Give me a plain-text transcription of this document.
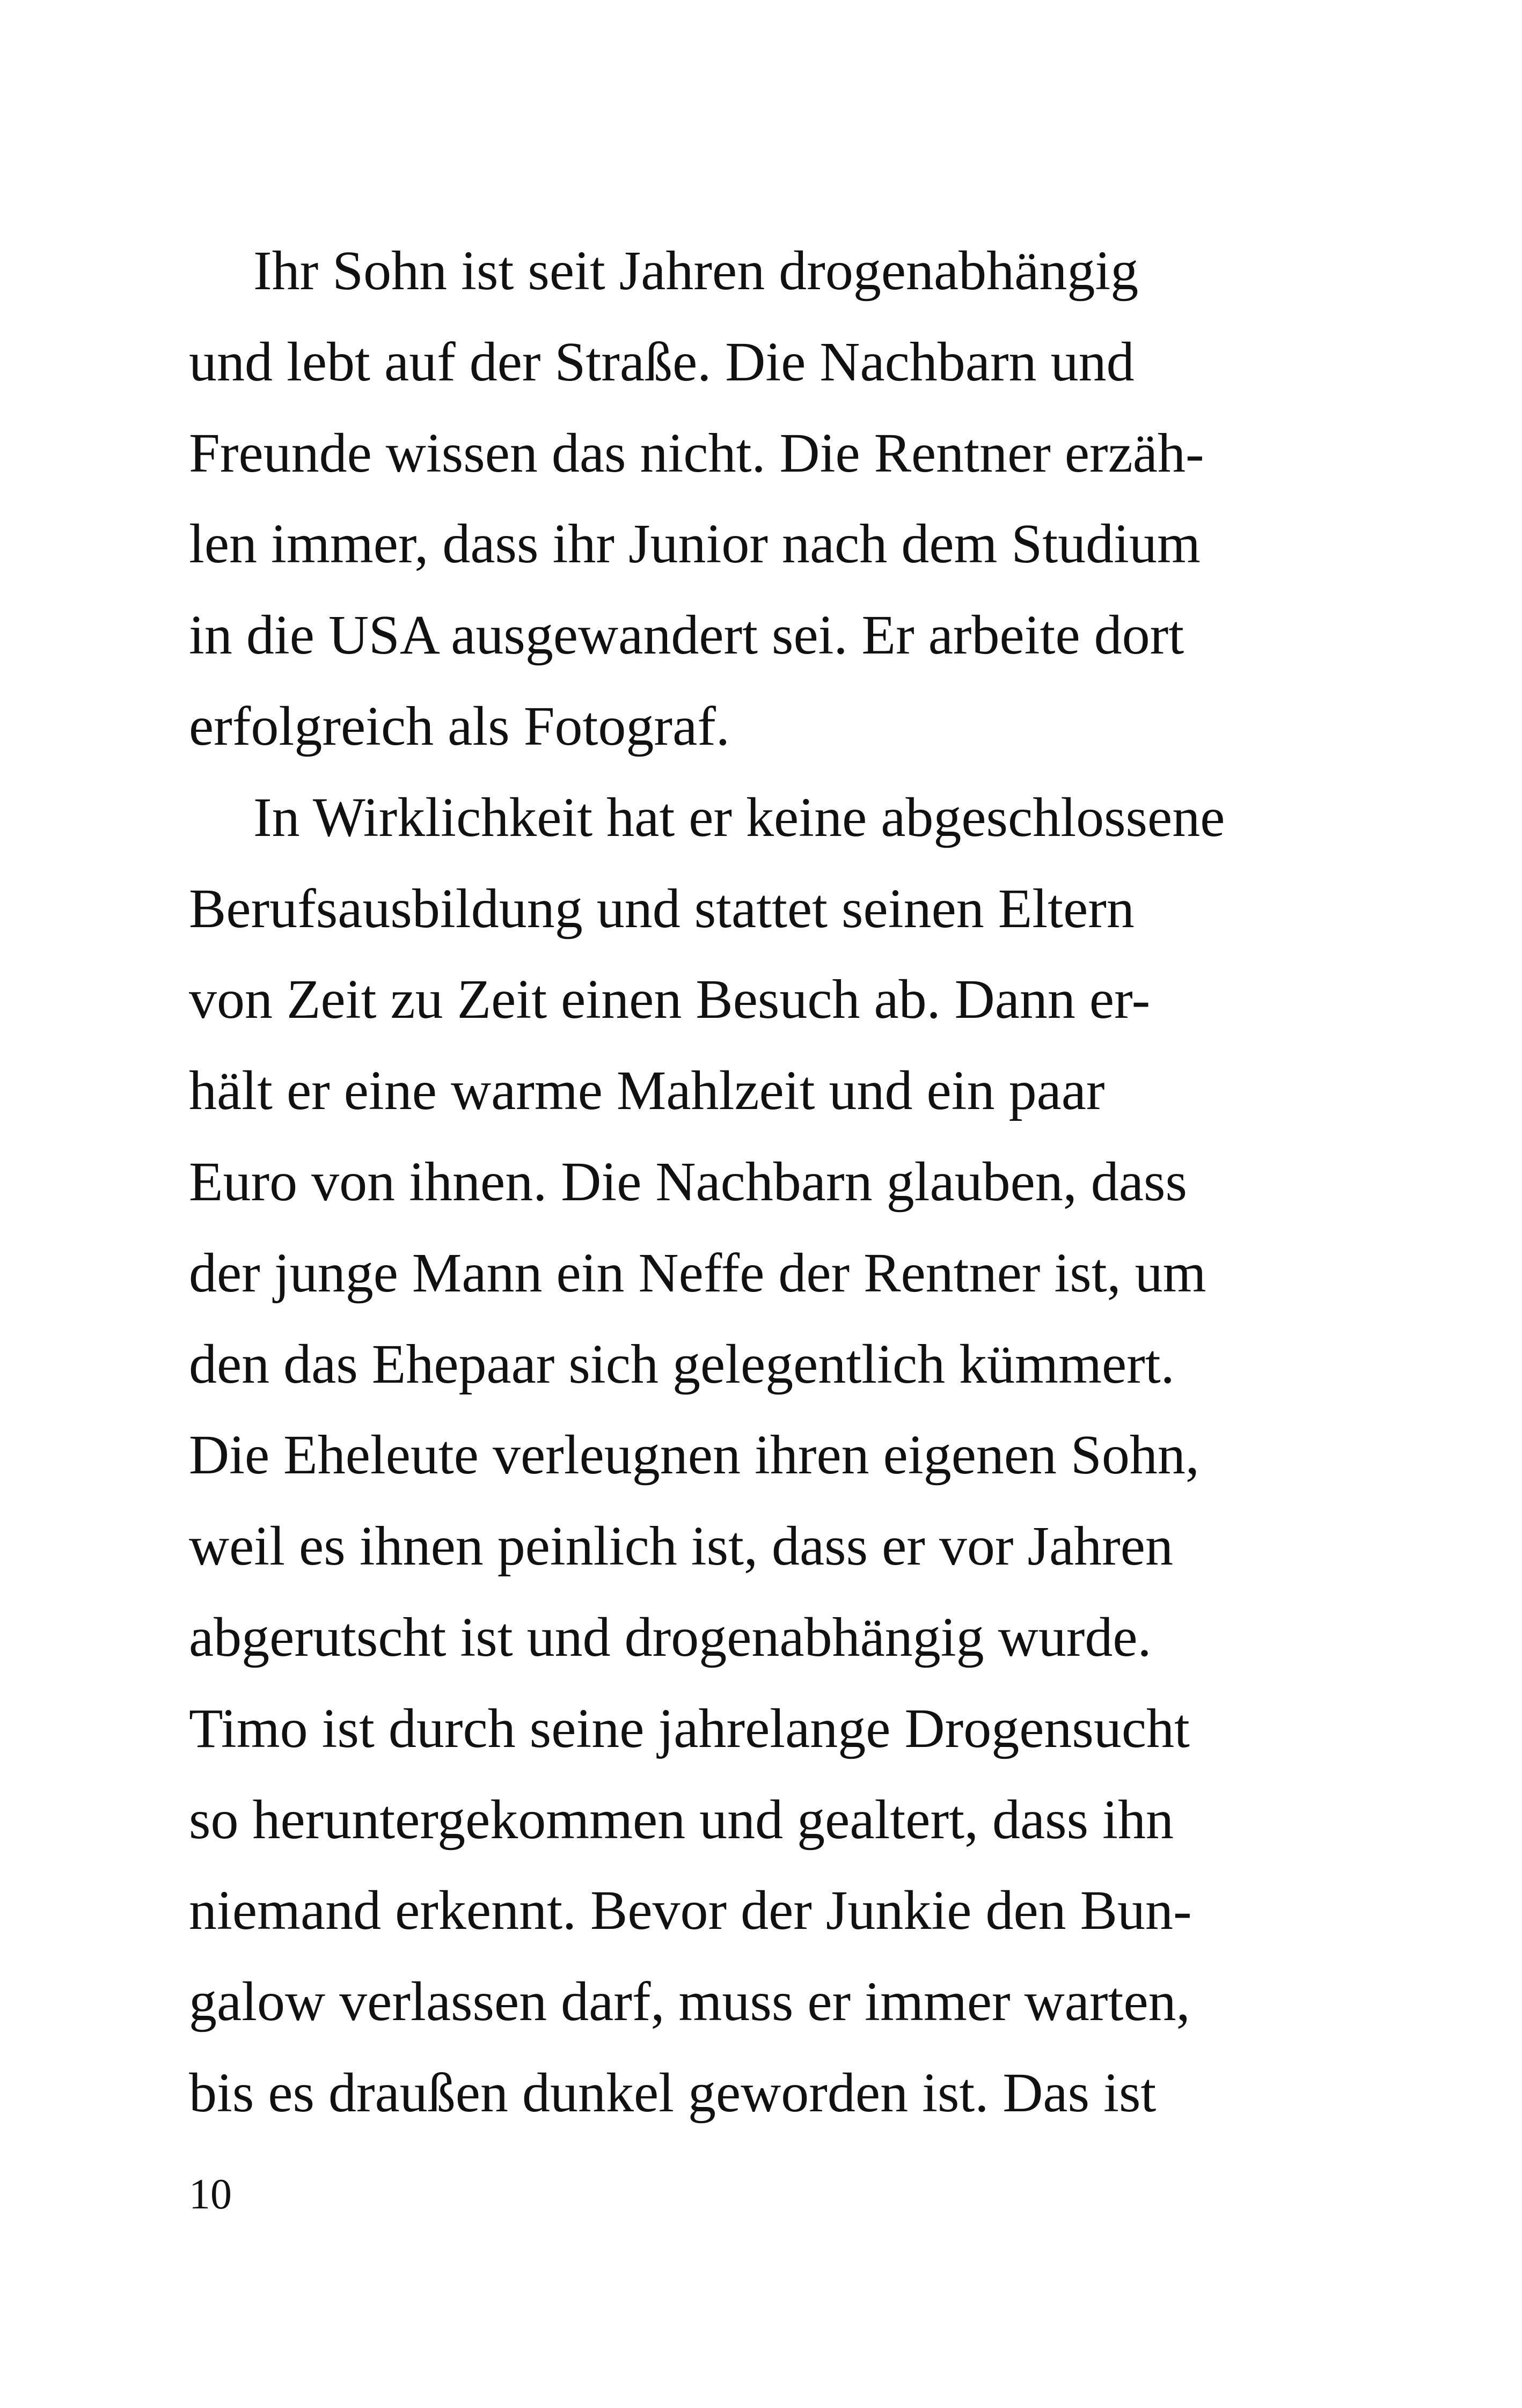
Ihr Sohn ist seit Jahren drogenabhängig
und lebt auf der Straße. Die Nachbarn und
Freunde wissen das nicht. Die Rentner erzäh-
len immer, dass ihr Junior nach dem Studium
in die USA ausgewandert sei. Er arbeite dort
erfolgreich als Fotograf.
In Wirklichkeit hat er keine abgeschlossene
Berufsausbildung und stattet seinen Eltern
von Zeit zu Zeit einen Besuch ab. Dann er-
hält er eine warme Mahlzeit und ein paar
Euro von ihnen. Die Nachbarn glauben, dass
der junge Mann ein Neffe der Rentner ist, um
den das Ehepaar sich gelegentlich kümmert.
Die Eheleute verleugnen ihren eigenen Sohn,
weil es ihnen peinlich ist, dass er vor Jahren
abgerutscht ist und drogenabhängig wurde.
Timo ist durch seine jahrelange Drogensucht
so heruntergekommen und gealtert, dass ihn
niemand erkennt. Bevor der Junkie den Bun-
galow verlassen darf, muss er immer warten,
bis es draußen dunkel geworden ist. Das ist
10
